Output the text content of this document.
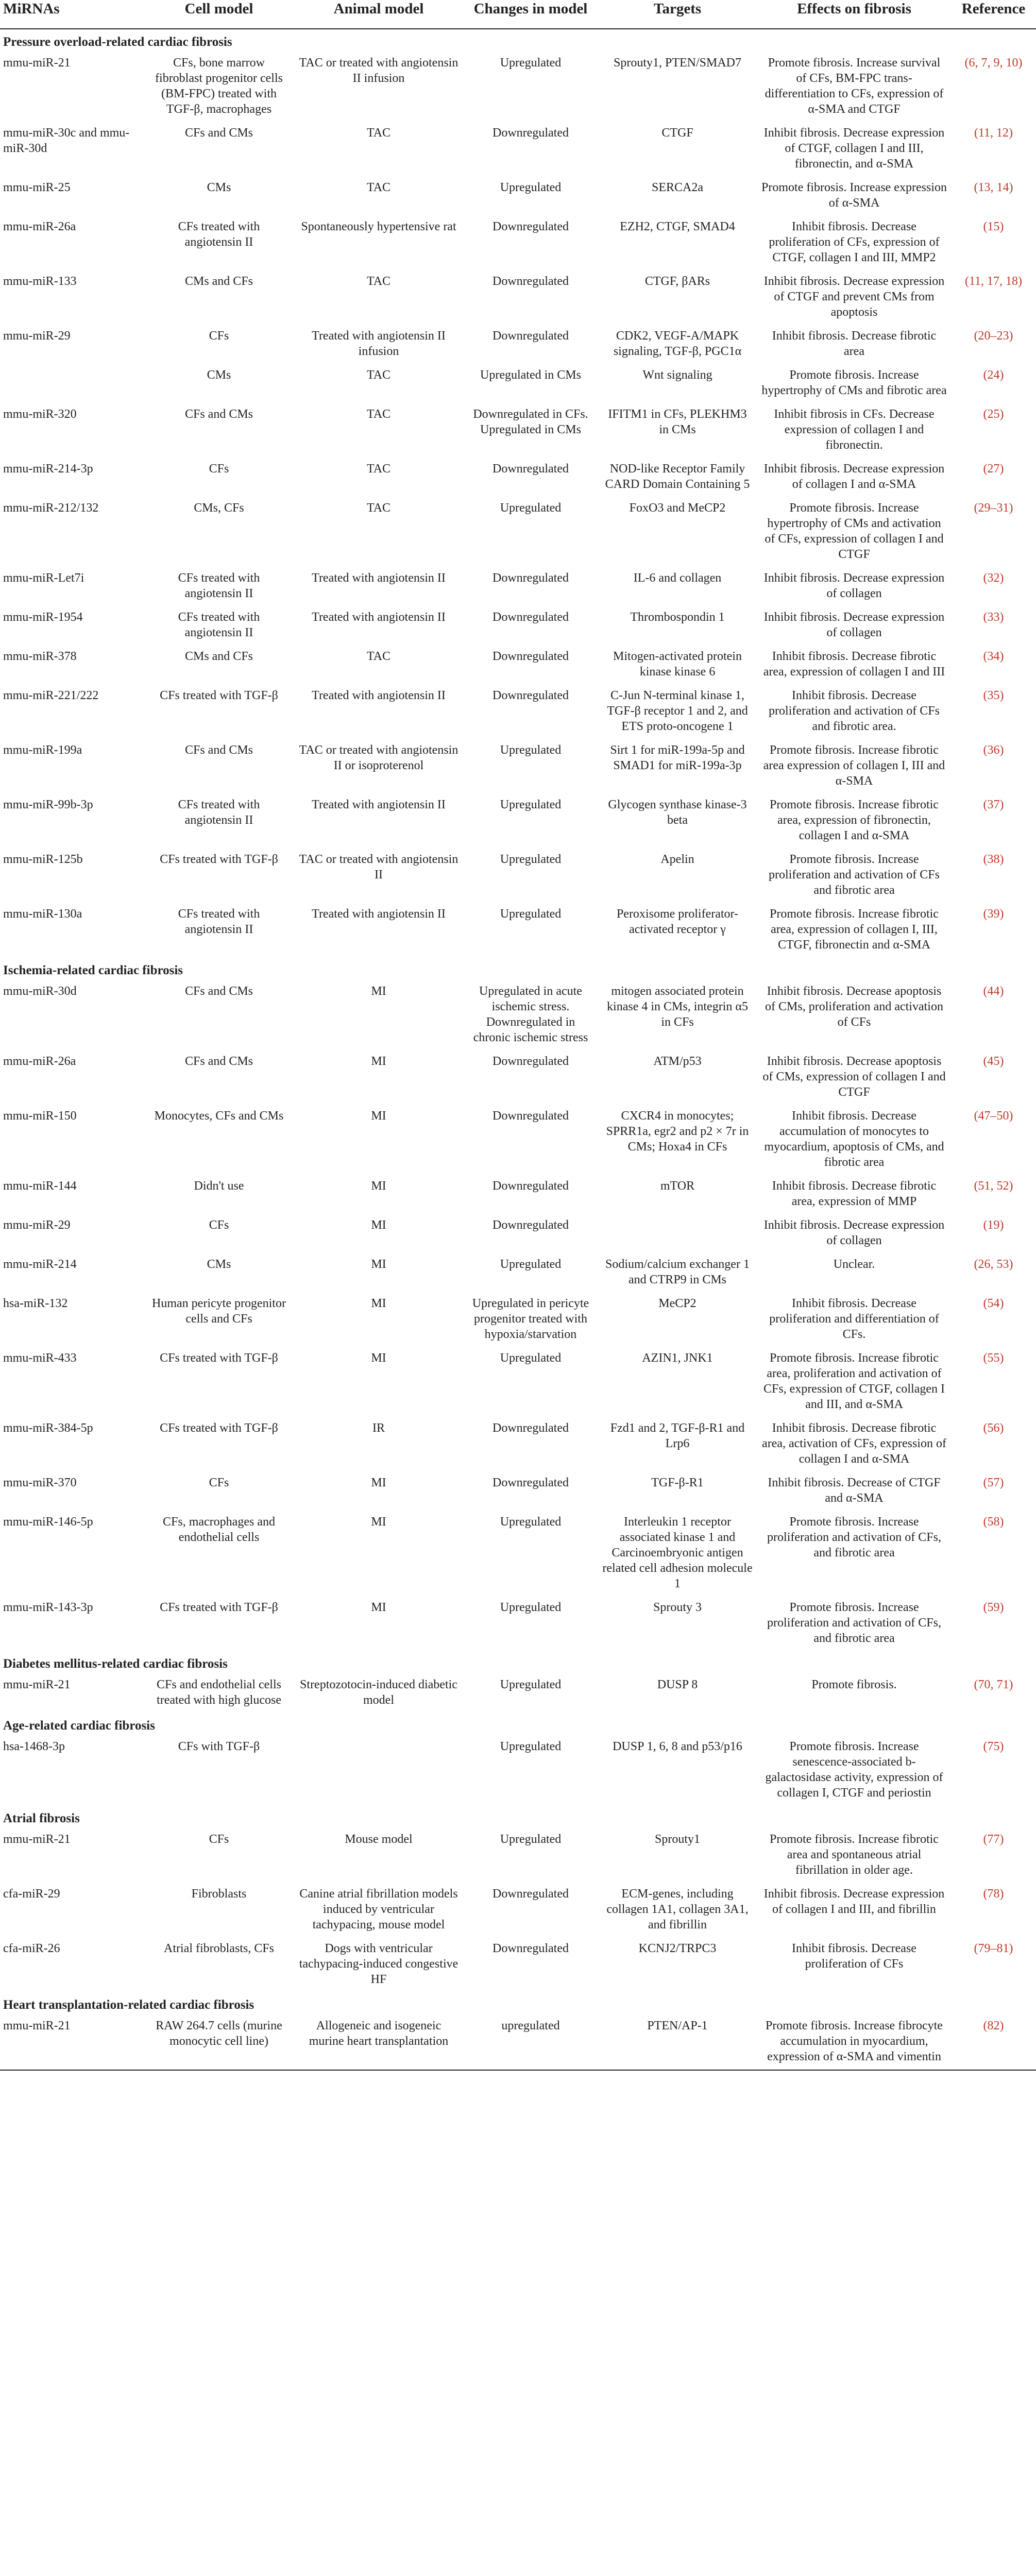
MiRNAs	Cell model	Animal model	Changes in model	Targets	Effects on fibrosis	Reference
Pressure overload-related cardiac fibrosis						
mmu-miR-21	CFs, bone marrow fibroblast progenitor cells (BM-FPC) treated with TGF-β, macrophages	TAC or treated with angiotensin II infusion	Upregulated	Sprouty1, PTEN/SMAD7	Promote fibrosis. Increase survival of CFs, BM-FPC trans-differentiation to CFs, expression of α-SMA and CTGF	(6, 7, 9, 10)
mmu-miR-30c and mmu-miR-30d	CFs and CMs	TAC	Downregulated	CTGF	Inhibit fibrosis. Decrease expression of CTGF, collagen I and III, fibronectin, and α-SMA	(11, 12)
mmu-miR-25	CMs	TAC	Upregulated	SERCA2a	Promote fibrosis. Increase expression of α-SMA	(13, 14)
mmu-miR-26a	CFs treated with angiotensin II	Spontaneously hypertensive rat	Downregulated	EZH2, CTGF, SMAD4	Inhibit fibrosis. Decrease proliferation of CFs, expression of CTGF, collagen I and III, MMP2	(15)
mmu-miR-133	CMs and CFs	TAC	Downregulated	CTGF, βARs	Inhibit fibrosis. Decrease expression of CTGF and prevent CMs from apoptosis	(11, 17, 18)
mmu-miR-29	CFs	Treated with angiotensin II infusion	Downregulated	CDK2, VEGF-A/MAPK signaling, TGF-β, PGC1α	Inhibit fibrosis. Decrease fibrotic area	(20–23)
	CMs	TAC	Upregulated in CMs	Wnt signaling	Promote fibrosis. Increase hypertrophy of CMs and fibrotic area	(24)
mmu-miR-320	CFs and CMs	TAC	Downregulated in CFs. Upregulated in CMs	IFITM1 in CFs, PLEKHM3 in CMs	Inhibit fibrosis in CFs. Decrease expression of collagen I and fibronectin.	(25)
mmu-miR-214-3p	CFs	TAC	Downregulated	NOD-like Receptor Family CARD Domain Containing 5	Inhibit fibrosis. Decrease expression of collagen I and α-SMA	(27)
mmu-miR-212/132	CMs, CFs	TAC	Upregulated	FoxO3 and MeCP2	Promote fibrosis. Increase hypertrophy of CMs and activation of CFs, expression of collagen I and CTGF	(29–31)
mmu-miR-Let7i	CFs treated with angiotensin II	Treated with angiotensin II	Downregulated	IL-6 and collagen	Inhibit fibrosis. Decrease expression of collagen	(32)
mmu-miR-1954	CFs treated with angiotensin II	Treated with angiotensin II	Downregulated	Thrombospondin 1	Inhibit fibrosis. Decrease expression of collagen	(33)
mmu-miR-378	CMs and CFs	TAC	Downregulated	Mitogen-activated protein kinase kinase 6	Inhibit fibrosis. Decrease fibrotic area, expression of collagen I and III	(34)
mmu-miR-221/222	CFs treated with TGF-β	Treated with angiotensin II	Downregulated	C-Jun N-terminal kinase 1, TGF-β receptor 1 and 2, and ETS proto-oncogene 1	Inhibit fibrosis. Decrease proliferation and activation of CFs and fibrotic area.	(35)
mmu-miR-199a	CFs and CMs	TAC or treated with angiotensin II or isoproterenol	Upregulated	Sirt 1 for miR-199a-5p and SMAD1 for miR-199a-3p	Promote fibrosis. Increase fibrotic area expression of collagen I, III and α-SMA	(36)
mmu-miR-99b-3p	CFs treated with angiotensin II	Treated with angiotensin II	Upregulated	Glycogen synthase kinase-3 beta	Promote fibrosis. Increase fibrotic area, expression of fibronectin, collagen I and α-SMA	(37)
mmu-miR-125b	CFs treated with TGF-β	TAC or treated with angiotensin II	Upregulated	Apelin	Promote fibrosis. Increase proliferation and activation of CFs and fibrotic area	(38)
mmu-miR-130a	CFs treated with angiotensin II	Treated with angiotensin II	Upregulated	Peroxisome proliferator-activated receptor γ	Promote fibrosis. Increase fibrotic area, expression of collagen I, III, CTGF, fibronectin and α-SMA	(39)
Ischemia-related cardiac fibrosis						
mmu-miR-30d	CFs and CMs	MI	Upregulated in acute ischemic stress. Downregulated in chronic ischemic stress	mitogen associated protein kinase 4 in CMs, integrin α5 in CFs	Inhibit fibrosis. Decrease apoptosis of CMs, proliferation and activation of CFs	(44)
mmu-miR-26a	CFs and CMs	MI	Downregulated	ATM/p53	Inhibit fibrosis. Decrease apoptosis of CMs, expression of collagen I and CTGF	(45)
mmu-miR-150	Monocytes, CFs and CMs	MI	Downregulated	CXCR4 in monocytes; SPRR1a, egr2 and p2 × 7r in CMs; Hoxa4 in CFs	Inhibit fibrosis. Decrease accumulation of monocytes to myocardium, apoptosis of CMs, and fibrotic area	(47–50)
mmu-miR-144	Didn't use	MI	Downregulated	mTOR	Inhibit fibrosis. Decrease fibrotic area, expression of MMP	(51, 52)
mmu-miR-29	CFs	MI	Downregulated		Inhibit fibrosis. Decrease expression of collagen	(19)
mmu-miR-214	CMs	MI	Upregulated	Sodium/calcium exchanger 1 and CTRP9 in CMs	Unclear.	(26, 53)
hsa-miR-132	Human pericyte progenitor cells and CFs	MI	Upregulated in pericyte progenitor treated with hypoxia/starvation	MeCP2	Inhibit fibrosis. Decrease proliferation and differentiation of CFs.	(54)
mmu-miR-433	CFs treated with TGF-β	MI	Upregulated	AZIN1, JNK1	Promote fibrosis. Increase fibrotic area, proliferation and activation of CFs, expression of CTGF, collagen I and III, and α-SMA	(55)
mmu-miR-384-5p	CFs treated with TGF-β	IR	Downregulated	Fzd1 and 2, TGF-β-R1 and Lrp6	Inhibit fibrosis. Decrease fibrotic area, activation of CFs, expression of collagen I and α-SMA	(56)
mmu-miR-370	CFs	MI	Downregulated	TGF-β-R1	Inhibit fibrosis. Decrease of CTGF and α-SMA	(57)
mmu-miR-146-5p	CFs, macrophages and endothelial cells	MI	Upregulated	Interleukin 1 receptor associated kinase 1 and Carcinoembryonic antigen related cell adhesion molecule 1	Promote fibrosis. Increase proliferation and activation of CFs, and fibrotic area	(58)
mmu-miR-143-3p	CFs treated with TGF-β	MI	Upregulated	Sprouty 3	Promote fibrosis. Increase proliferation and activation of CFs, and fibrotic area	(59)
Diabetes mellitus-related cardiac fibrosis						
mmu-miR-21	CFs and endothelial cells treated with high glucose	Streptozotocin-induced diabetic model	Upregulated	DUSP 8	Promote fibrosis.	(70, 71)
Age-related cardiac fibrosis						
hsa-1468-3p	CFs with TGF-β		Upregulated	DUSP 1, 6, 8 and p53/p16	Promote fibrosis. Increase senescence-associated b-galactosidase activity, expression of collagen I, CTGF and periostin	(75)
Atrial fibrosis						
mmu-miR-21	CFs	Mouse model	Upregulated	Sprouty1	Promote fibrosis. Increase fibrotic area and spontaneous atrial fibrillation in older age.	(77)
cfa-miR-29	Fibroblasts	Canine atrial fibrillation models induced by ventricular tachypacing, mouse model	Downregulated	ECM-genes, including collagen 1A1, collagen 3A1, and fibrillin	Inhibit fibrosis. Decrease expression of collagen I and III, and fibrillin	(78)
cfa-miR-26	Atrial fibroblasts, CFs	Dogs with ventricular tachypacing-induced congestive HF	Downregulated	KCNJ2/TRPC3	Inhibit fibrosis. Decrease proliferation of CFs	(79–81)
Heart transplantation-related cardiac fibrosis						
mmu-miR-21	RAW 264.7 cells (murine monocytic cell line)	Allogeneic and isogeneic murine heart transplantation	upregulated	PTEN/AP-1	Promote fibrosis. Increase fibrocyte accumulation in myocardium, expression of α-SMA and vimentin	(82)
